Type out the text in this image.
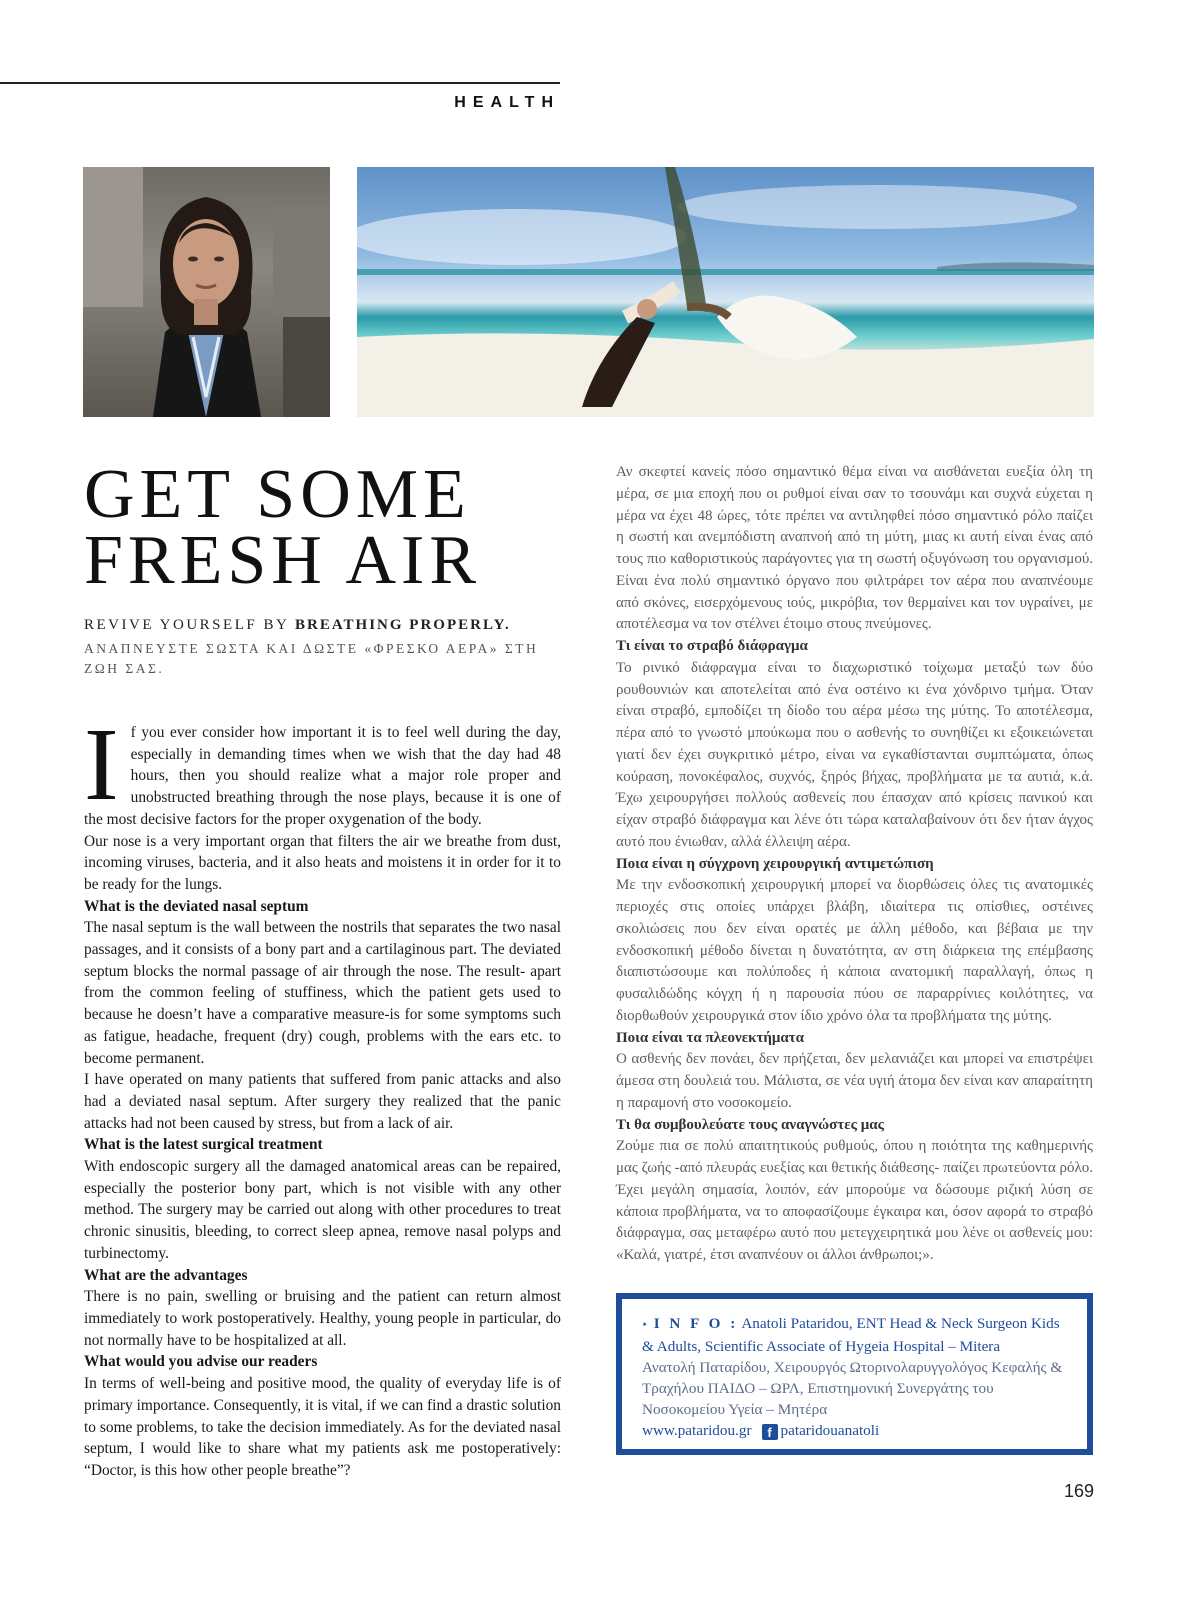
HEALTH
GET SOME
FRESH AIR
REVIVE YOURSELF BY BREATHING PROPERLY.
ΑΝΑΠΝΕΥΣΤΕ ΣΩΣΤΑ ΚΑΙ ΔΩΣΤΕ «ΦΡΕΣΚΟ ΑΕΡΑ» ΣΤΗ ΖΩΗ ΣΑΣ.

If you ever consider how important it is to feel well during the day, especially in demanding times when we wish that the day had 48 hours, then you should realize what a major role proper and unobstructed breathing through the nose plays, because it is one of the most decisive factors for the proper oxygenation of the body.

Our nose is a very important organ that filters the air we breathe from dust, incoming viruses, bacteria, and it also heats and moistens it in order for it to be ready for the lungs.

What is the deviated nasal septum

The nasal septum is the wall between the nostrils that separates the two nasal passages, and it consists of a bony part and a cartilaginous part. The deviated septum blocks the normal passage of air through the nose. The result- apart from the common feeling of stuffiness, which the patient gets used to because he doesn’t have a comparative measure-is for some symptoms such as fatigue, headache, frequent (dry) cough, problems with the ears etc. to become permanent.

I have operated on many patients that suffered from panic attacks and also had a deviated nasal septum. After surgery they realized that the panic attacks had not been caused by stress, but from a lack of air.

What is the latest surgical treatment

With endoscopic surgery all the damaged anatomical areas can be repaired, especially the posterior bony part, which is not visible with any other method. The surgery may be carried out along with other procedures to treat chronic sinusitis, bleeding, to correct sleep apnea, remove nasal polyps and turbinectomy.

What are the advantages

There is no pain, swelling or bruising and the patient can return almost immediately to work postoperatively. Healthy, young people in particular, do not normally have to be hospitalized at all.

What would you advise our readers

In terms of well-being and positive mood, the quality of everyday life is of primary importance. Consequently, it is vital, if we can find a drastic solution to some problems, to take the decision immediately. As for the deviated nasal septum, I would like to share what my patients ask me postoperatively: “Doctor, is this how other people breathe”?

Αν σκεφτεί κανείς πόσο σημαντικό θέμα είναι να αισθάνεται ευεξία όλη τη μέρα, σε μια εποχή που οι ρυθμοί είναι σαν το τσουνάμι και συχνά εύχεται η μέρα να έχει 48 ώρες, τότε πρέπει να αντιληφθεί πόσο σημαντικό ρόλο παίζει η σωστή και ανεμπόδιστη αναπνοή από τη μύτη, μιας κι αυτή είναι ένας από τους πιο καθοριστικούς παράγοντες για τη σωστή οξυγόνωση του οργανισμού. Είναι ένα πολύ σημαντικό όργανο που φιλτράρει τον αέρα που αναπνέουμε από σκόνες, εισερχόμενους ιούς, μικρόβια, τον θερμαίνει και τον υγραίνει, με αποτέλεσμα να τον στέλνει έτοιμο στους πνεύμονες.

Τι είναι το στραβό διάφραγμα

Το ρινικό διάφραγμα είναι το διαχωριστικό τοίχωμα μεταξύ των δύο ρουθουνιών και αποτελείται από ένα οστέινο κι ένα χόνδρινο τμήμα. Όταν είναι στραβό, εμποδίζει τη δίοδο του αέρα μέσω της μύτης. Το αποτέλεσμα, πέρα από το γνωστό μπούκωμα που ο ασθενής το συνηθίζει κι εξοικειώνεται γιατί δεν έχει συγκριτικό μέτρο, είναι να εγκαθίστανται συμπτώματα, όπως κούραση, πονοκέφαλος, συχνός, ξηρός βήχας, προβλήματα με τα αυτιά, κ.ά. Έχω χειρουργήσει πολλούς ασθενείς που έπασχαν από κρίσεις πανικού και είχαν στραβό διάφραγμα και λένε ότι τώρα καταλαβαίνουν ότι δεν ήταν άγχος αυτό που ένιωθαν, αλλά έλλειψη αέρα.

Ποια είναι η σύγχρονη χειρουργική αντιμετώπιση

Με την ενδοσκοπική χειρουργική μπορεί να διορθώσεις όλες τις ανατομικές περιοχές στις οποίες υπάρχει βλάβη, ιδιαίτερα τις οπίσθιες, οστέινες σκολιώσεις που δεν είναι ορατές με άλλη μέθοδο, και βέβαια με την ενδοσκοπική μέθοδο δίνεται η δυνατότητα, αν στη διάρκεια της επέμβασης διαπιστώσουμε και πολύποδες ή κάποια ανατομική παραλλαγή, όπως η φυσαλιδώδης κόγχη ή η παρουσία πύου σε παραρρίνιες κοιλότητες, να διορθωθούν χειρουργικά στον ίδιο χρόνο όλα τα προβλήματα της μύτης.

Ποια είναι τα πλεονεκτήματα

Ο ασθενής δεν πονάει, δεν πρήζεται, δεν μελανιάζει και μπορεί να επιστρέψει άμεσα στη δουλειά του. Μάλιστα, σε νέα υγιή άτομα δεν είναι καν απαραίτητη η παραμονή στο νοσοκομείο.

Τι θα συμβουλεύατε τους αναγνώστες μας

Ζούμε πια σε πολύ απαιτητικούς ρυθμούς, όπου η ποιότητα της καθημερινής μας ζωής -από πλευράς ευεξίας και θετικής διάθεσης- παίζει πρωτεύοντα ρόλο. Έχει μεγάλη σημασία, λοιπόν, εάν μπορούμε να δώσουμε ριζική λύση σε κάποια προβλήματα, να το αποφασίζουμε έγκαιρα και, όσον αφορά το στραβό διάφραγμα, σας μεταφέρω αυτό που μετεγχειρητικά μου λένε οι ασθενείς μου: «Καλά, γιατρέ, έτσι αναπνέουν οι άλλοι άνθρωποι;».

‣ I N F O : Anatoli Pataridou, ENT Head & Neck Surgeon Kids & Adults, Scientific Associate of Hygeia Hospital – Mitera
Ανατολή Παταρίδου, Χειρουργός Ωτορινολαρυγγολόγος Κεφαλής & Τραχήλου ΠΑΙΔΟ – ΩΡΛ, Επιστημονική Συνεργάτης του Νοσοκομείου Υγεία – Μητέρα
www.pataridou.gr f pataridouanatoli
169
